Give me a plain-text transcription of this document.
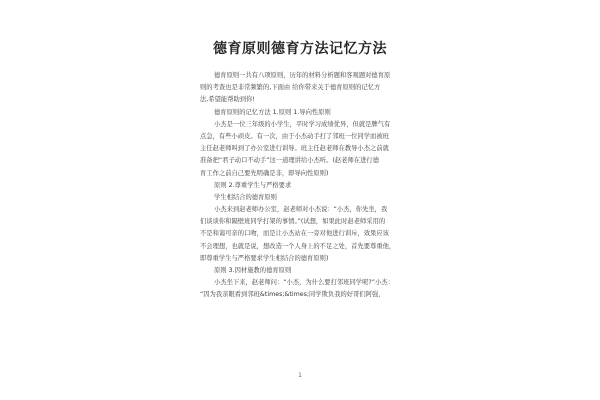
德育原则德育方法记忆方法
德育原则一共有八项原则，历年的材料分析题和客观题对德育原
则的考查也是非常频繁的,下面由 给你带来关于德育原则的记忆方
法,希望能帮助到你!
德育原则的记忆方法 1.原则 1.导向性原则
小杰是一位三年级的小学生，平时学习成绩优异，但就是脾气有
点急，有些小顽皮。有一次，由于小杰动手打了邻班一位同学而被班
主任赵老师叫到了办公室进行训导。班主任赵老师在教导小杰之前就
准备把“君子动口不动手”这一道理讲给小杰听。(赵老师在进行德
育工作之前自己要先明确是非，即导向性原则)
原则 2.尊重学生与严格要求
学生相结合的德育原则
小杰来到赵老师办公室，赵老师对小杰说：“小杰，你先坐，我
们谈谈你和隔壁班同学打架的事情。”(试想，如果此时赵老师采用的
不是和蔼可亲的口吻，而是让小杰站在一旁对他进行训斥，效果应该
不会理想，也就是说，想改造一个人身上的不足之处，首先要尊重他，
即尊重学生与严格要求学生相结合的德育原则)
原则 3.因材施教的德育原则
小杰坐下来，赵老师问：“小杰，为什么要打邻班同学呢?”小杰：
“因为我亲眼看到邻班&times;&times;同学欺负我的好哥们阿强，
1
